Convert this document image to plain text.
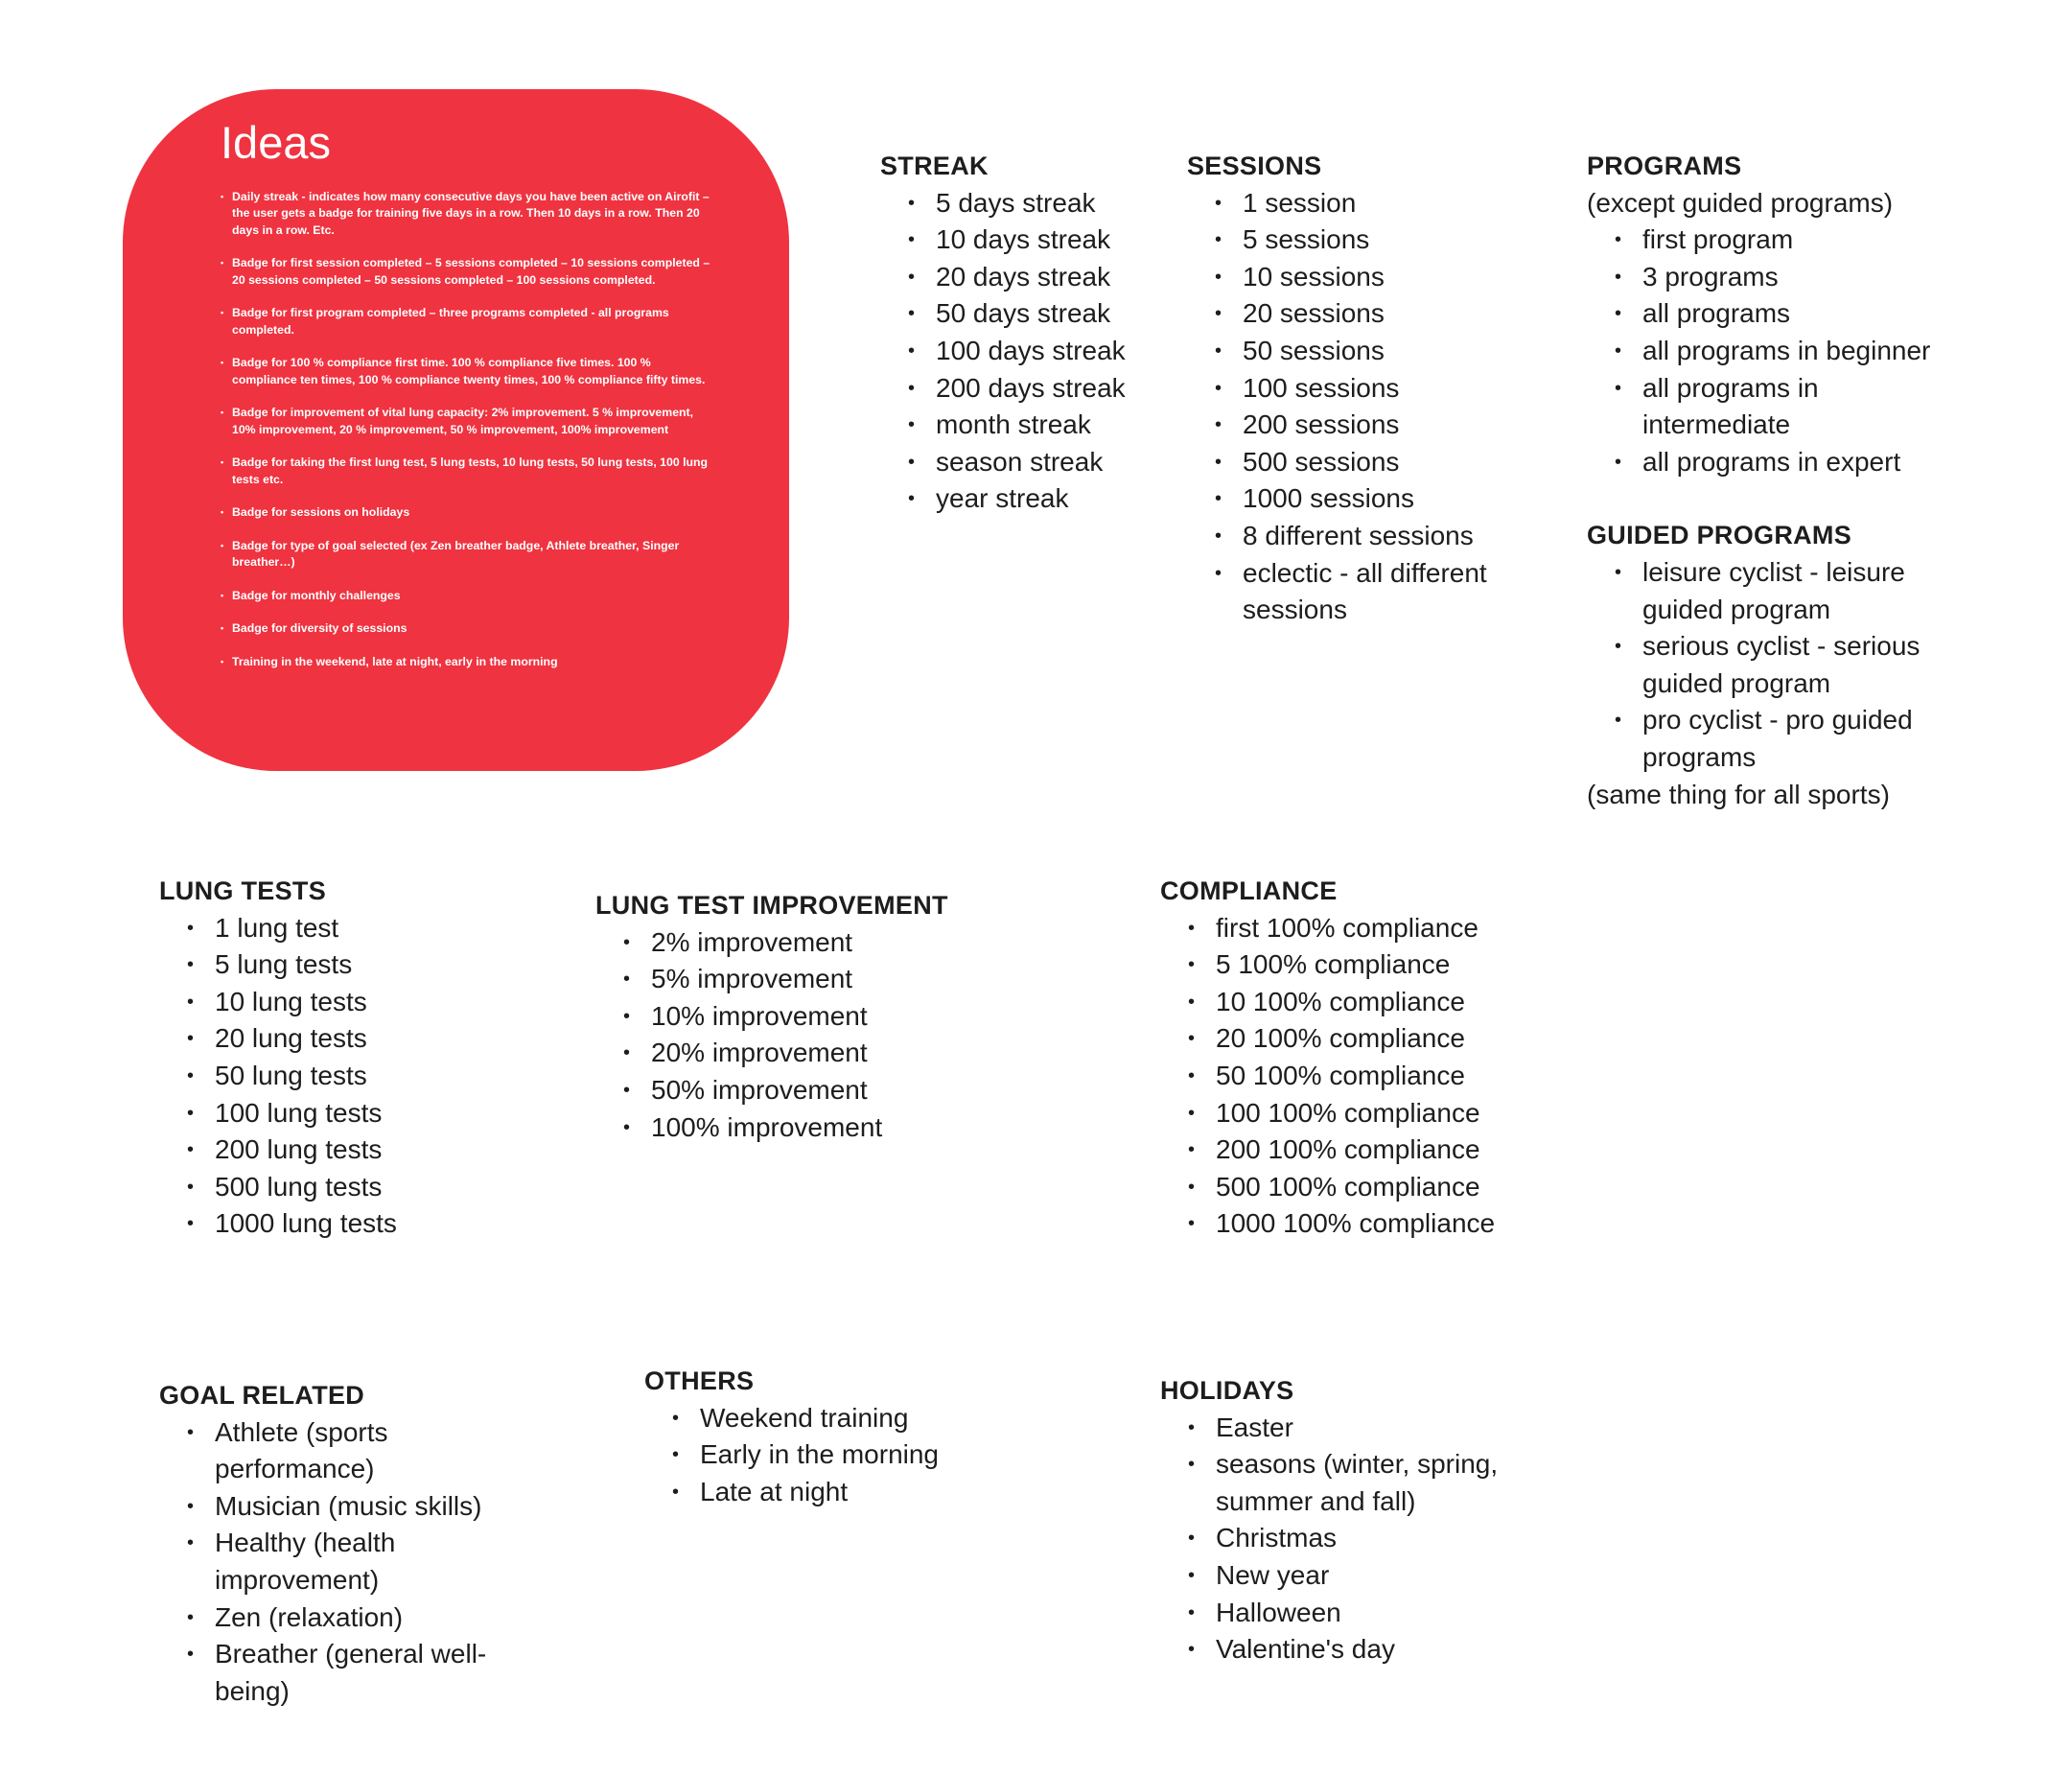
Ideas
• Daily streak - indicates how many consecutive days you have been active on Airofit – the user gets a badge for training five days in a row. Then 10 days in a row. Then 20 days in a row. Etc.
• Badge for first session completed – 5 sessions completed – 10 sessions completed – 20 sessions completed – 50 sessions completed – 100 sessions completed.
• Badge for first program completed – three programs completed - all programs completed.
• Badge for 100 % compliance first time. 100 % compliance five times. 100 % compliance ten times, 100 % compliance twenty times, 100 % compliance fifty times.
• Badge for improvement of vital lung capacity: 2% improvement. 5 % improvement, 10% improvement, 20 % improvement, 50 % improvement, 100% improvement
• Badge for taking the first lung test, 5 lung tests, 10 lung tests, 50 lung tests, 100 lung tests etc.
• Badge for sessions on holidays
• Badge for type of goal selected (ex Zen breather badge, Athlete breather, Singer breather…)
• Badge for monthly challenges
• Badge for diversity of sessions
• Training in the weekend, late at night, early in the morning
STREAK
• 5 days streak
• 10 days streak
• 20 days streak
• 50 days streak
• 100 days streak
• 200 days streak
• month streak
• season streak
• year streak
SESSIONS
• 1 session
• 5 sessions
• 10 sessions
• 20 sessions
• 50 sessions
• 100 sessions
• 200 sessions
• 500 sessions
• 1000 sessions
• 8 different sessions
• eclectic - all different sessions
PROGRAMS
(except guided programs)
• first program
• 3 programs
• all programs
• all programs in beginner
• all programs in intermediate
• all programs in expert
GUIDED PROGRAMS
• leisure cyclist - leisure guided program
• serious cyclist - serious guided program
• pro cyclist - pro guided programs
(same thing for all sports)
LUNG TESTS
• 1 lung test
• 5 lung tests
• 10 lung tests
• 20 lung tests
• 50 lung tests
• 100 lung tests
• 200 lung tests
• 500 lung tests
• 1000 lung tests
LUNG TEST IMPROVEMENT
• 2% improvement
• 5% improvement
• 10% improvement
• 20% improvement
• 50% improvement
• 100% improvement
COMPLIANCE
• first 100% compliance
• 5 100% compliance
• 10 100% compliance
• 20 100% compliance
• 50 100% compliance
• 100 100% compliance
• 200 100% compliance
• 500 100% compliance
• 1000 100% compliance
GOAL RELATED
• Athlete (sports performance)
• Musician (music skills)
• Healthy (health improvement)
• Zen (relaxation)
• Breather (general well-being)
OTHERS
• Weekend training
• Early in the morning
• Late at night
HOLIDAYS
• Easter
• seasons (winter, spring, summer and fall)
• Christmas
• New year
• Halloween
• Valentine's day
